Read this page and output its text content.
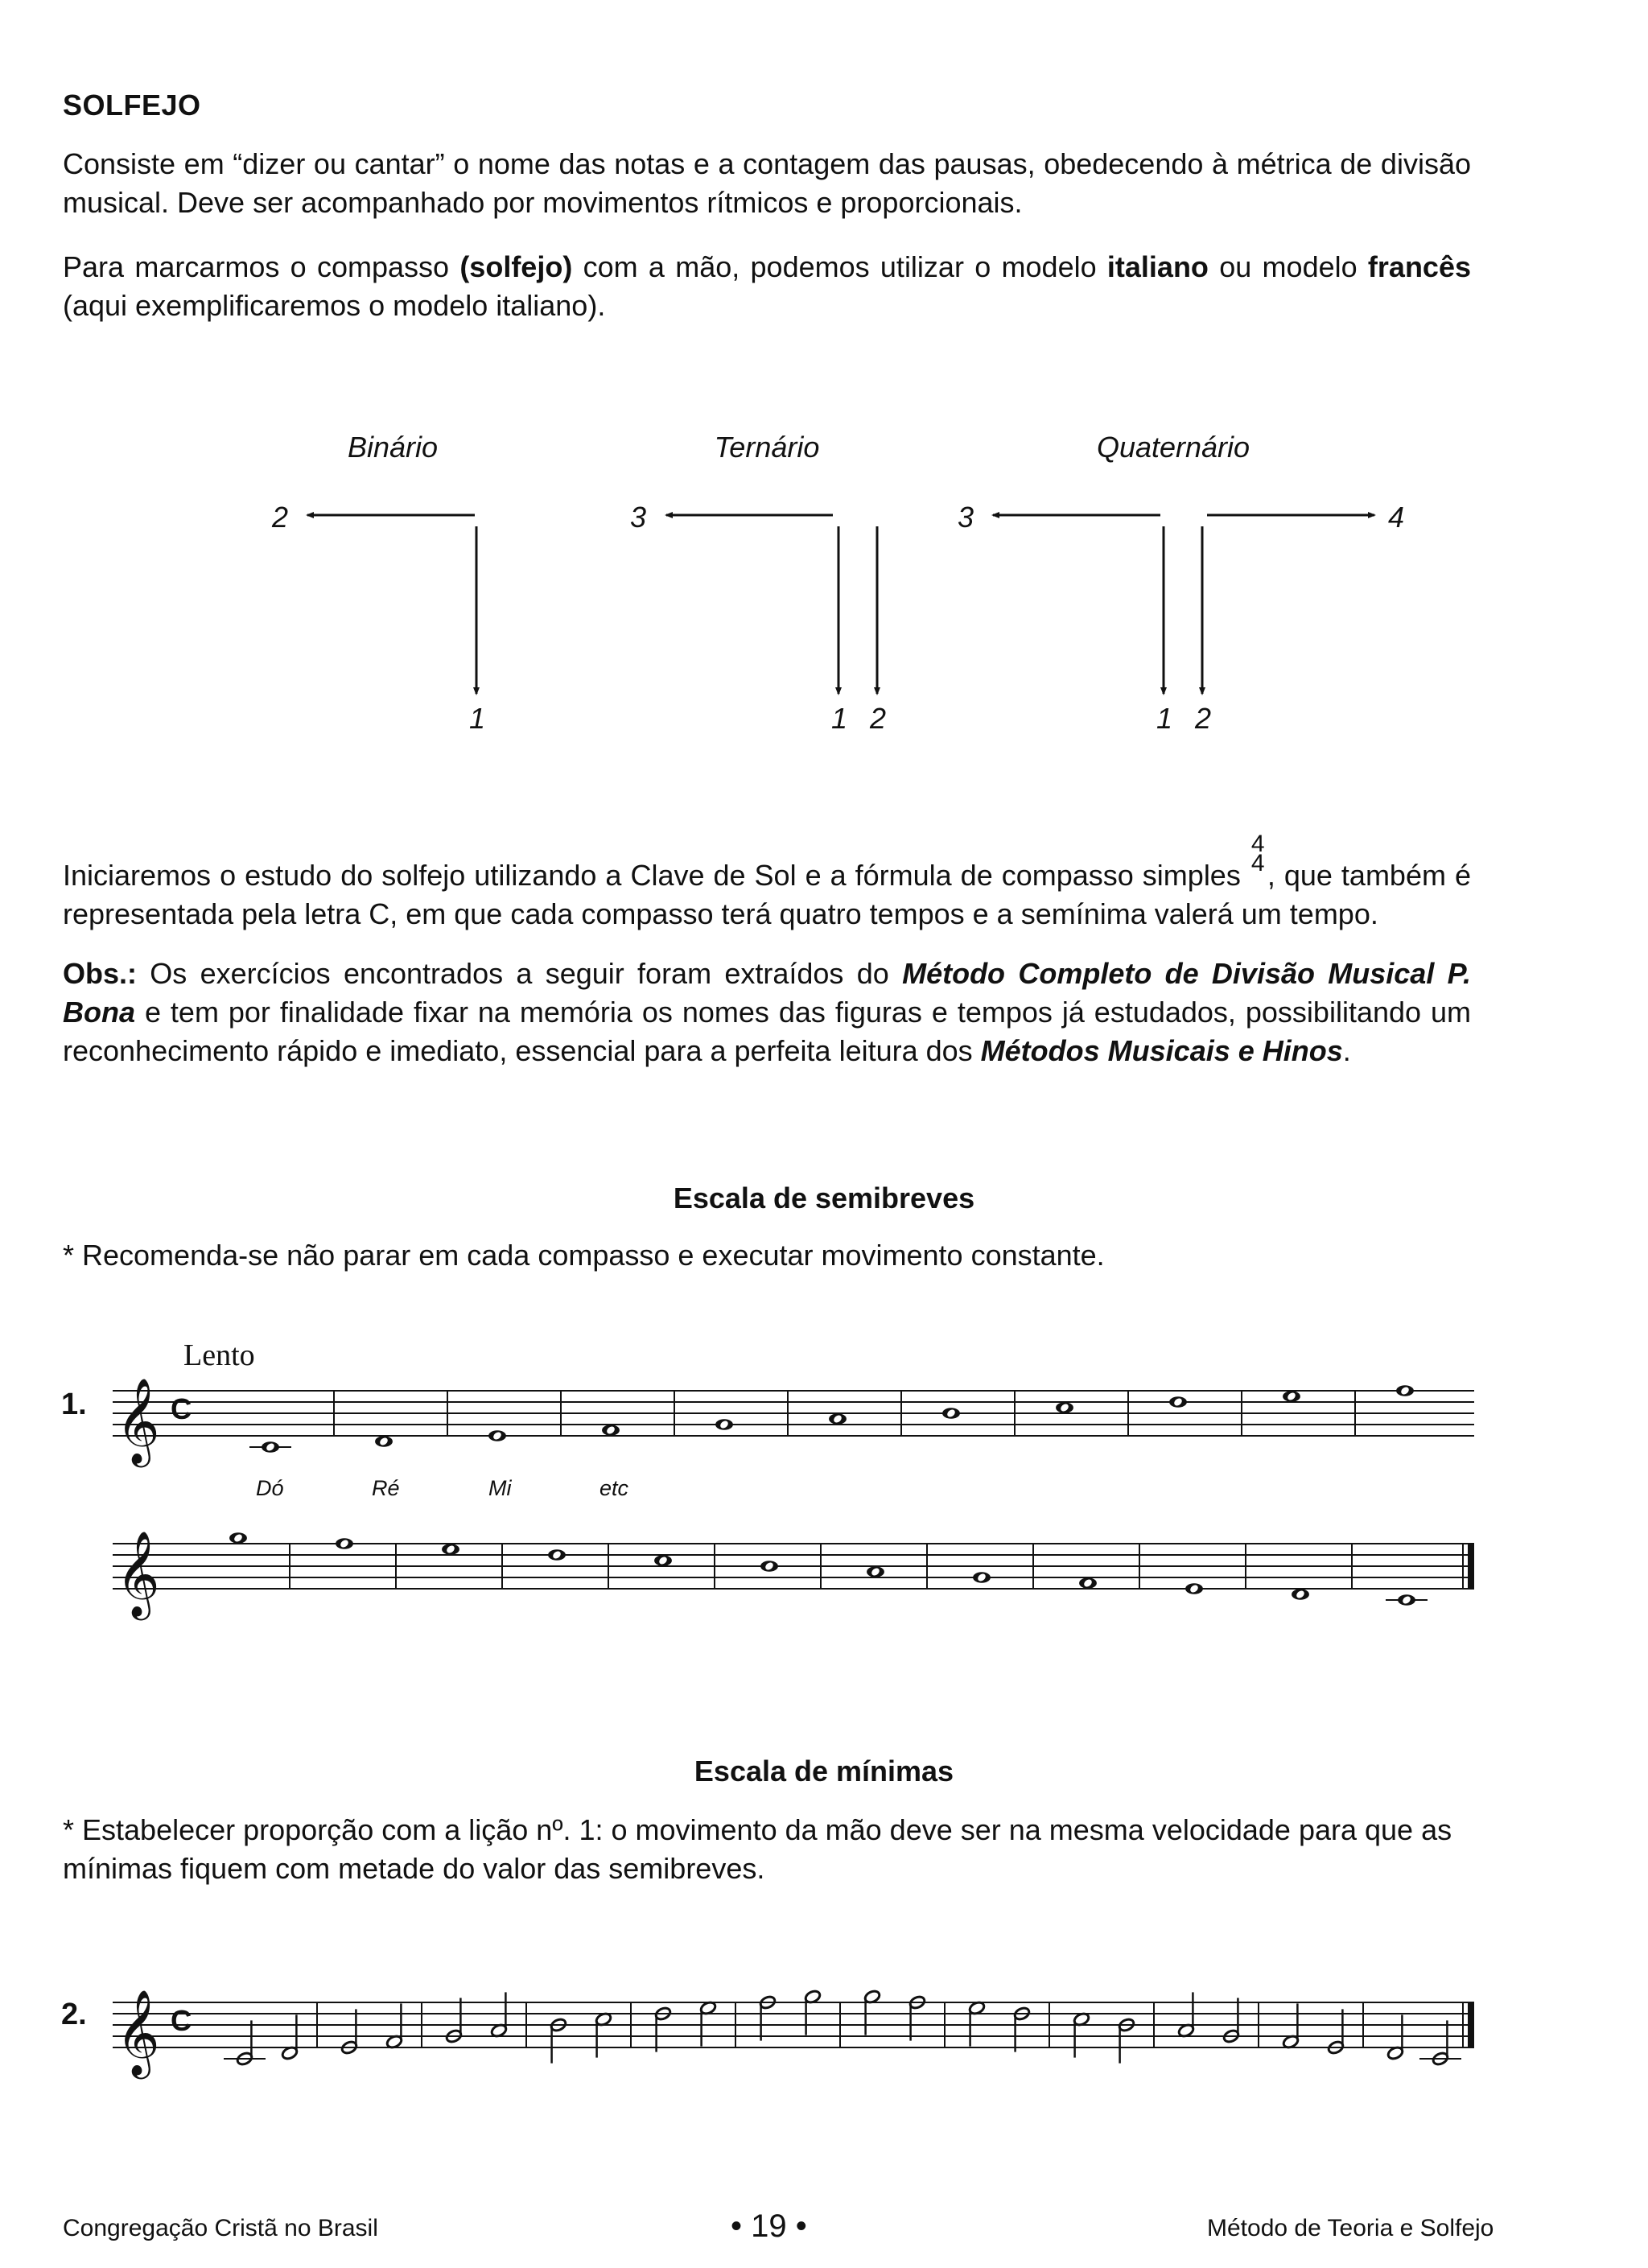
SOLFEJO
Consiste em “dizer ou cantar” o nome das notas e a contagem das pausas, obedecendo à métrica de divisão musical. Deve ser acompanhado por movimentos rítmicos e proporcionais.
Para marcarmos o compasso (solfejo) com a mão, podemos utilizar o modelo italiano ou modelo francês (aqui exemplificaremos o modelo italiano).
Binário	Ternário	Quaternário
2
1
3
1 2
3	4
1 2
Iniciaremos o estudo do solfejo utilizando a Clave de Sol e a fórmula de compasso simples
4
4 , que também é representada pela letra C, em que cada compasso terá quatro tempos e a semínima valerá um tempo.
Obs.: Os exercícios encontrados a seguir foram extraídos do Método Completo de Divisão Musical P. Bona e tem por finalidade fixar na memória os nomes das figuras e tempos já estudados, possibilitando um reconhecimento rápido e imediato, essencial para a perfeita leitura dos Métodos Musicais e Hinos.
Escala de semibreves
* Recomenda-se não parar em cada compasso e executar movimento constante.
Lento
1.
Dó	Ré	Mi	etc
𝄞 C
𝄞
Escala de mínimas
* Estabelecer proporção com a lição nº. 1: o movimento da mão deve ser na mesma velocidade para que as mínimas fiquem com metade do valor das semibreves.
2. 𝄞 C
Congregação Cristã no Brasil	• 19 •	Método de Teoria e Solfejo
